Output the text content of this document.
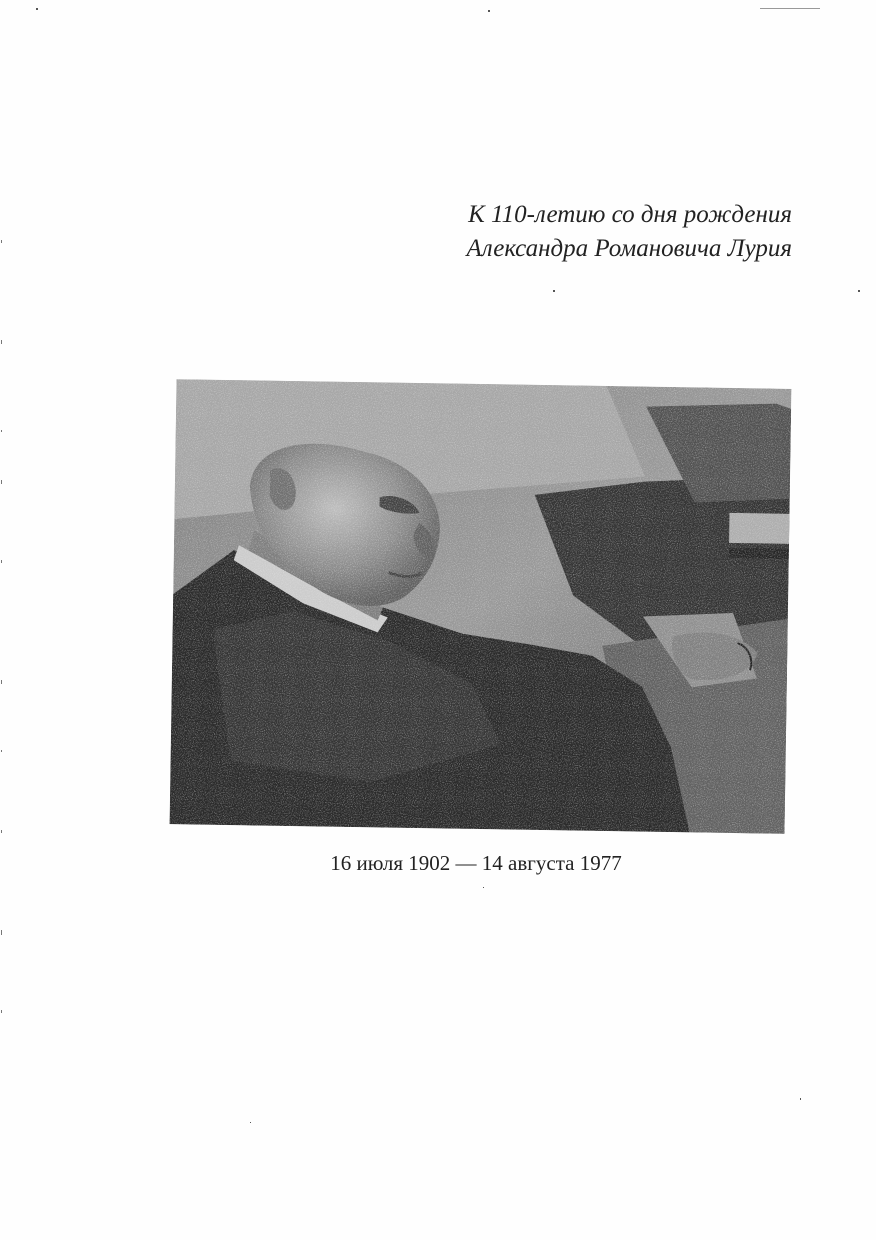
К 110-летию со дня рождения
Александра Романовича Лурия
16 июля 1902 — 14 августа 1977
